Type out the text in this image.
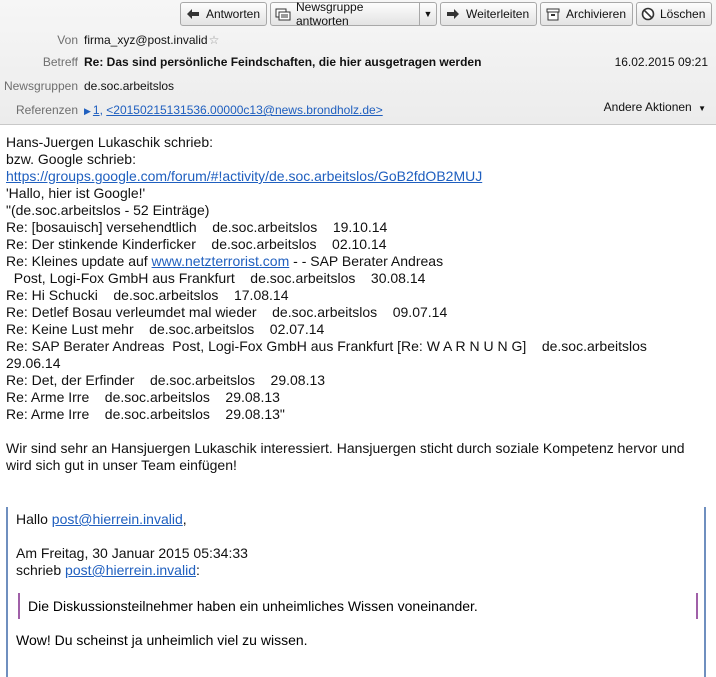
Antworten	Newsgruppe antworten	▼	Weiterleiten	Archivieren	Löschen
Von firma_xyz@post.invalid ☆
Betreff Re: Das sind persönliche Feindschaften, die hier ausgetragen werden	16.02.2015 09:21
Newsgruppen de.soc.arbeitslos
Referenzen ▶ 1, <20150215131536.00000c13@news.brondholz.de>	Andere Aktionen ▼
Hans-Juergen Lukaschik schrieb:
bzw. Google schrieb:
https://groups.google.com/forum/#!activity/de.soc.arbeitslos/GoB2fdOB2MUJ
'Hallo, hier ist Google!'
"(de.soc.arbeitslos - 52 Einträge)
Re: [bosauisch] versehendtlich    de.soc.arbeitslos    19.10.14
Re: Der stinkende Kinderficker    de.soc.arbeitslos    02.10.14
Re: Kleines update auf www.netzterrorist.com - - SAP Berater Andreas
Post, Logi-Fox GmbH aus Frankfurt    de.soc.arbeitslos    30.08.14
Re: Hi Schucki    de.soc.arbeitslos    17.08.14
Re: Detlef Bosau verleumdet mal wieder    de.soc.arbeitslos    09.07.14
Re: Keine Lust mehr    de.soc.arbeitslos    02.07.14
Re: SAP Berater Andreas  Post, Logi-Fox GmbH aus Frankfurt [Re: W A R N U N G]    de.soc.arbeitslos
29.06.14
Re: Det, der Erfinder    de.soc.arbeitslos    29.08.13
Re: Arme Irre    de.soc.arbeitslos    29.08.13
Re: Arme Irre    de.soc.arbeitslos    29.08.13"
Wir sind sehr an Hansjuergen Lukaschik interessiert. Hansjuergen sticht durch soziale Kompetenz hervor und wird sich gut in unser Team einfügen!
Hallo post@hierrein.invalid,
Am Freitag, 30 Januar 2015 05:34:33
schrieb post@hierrein.invalid:
Die Diskussionsteilnehmer haben ein unheimliches Wissen voneinander.
Wow! Du scheinst ja unheimlich viel zu wissen.
